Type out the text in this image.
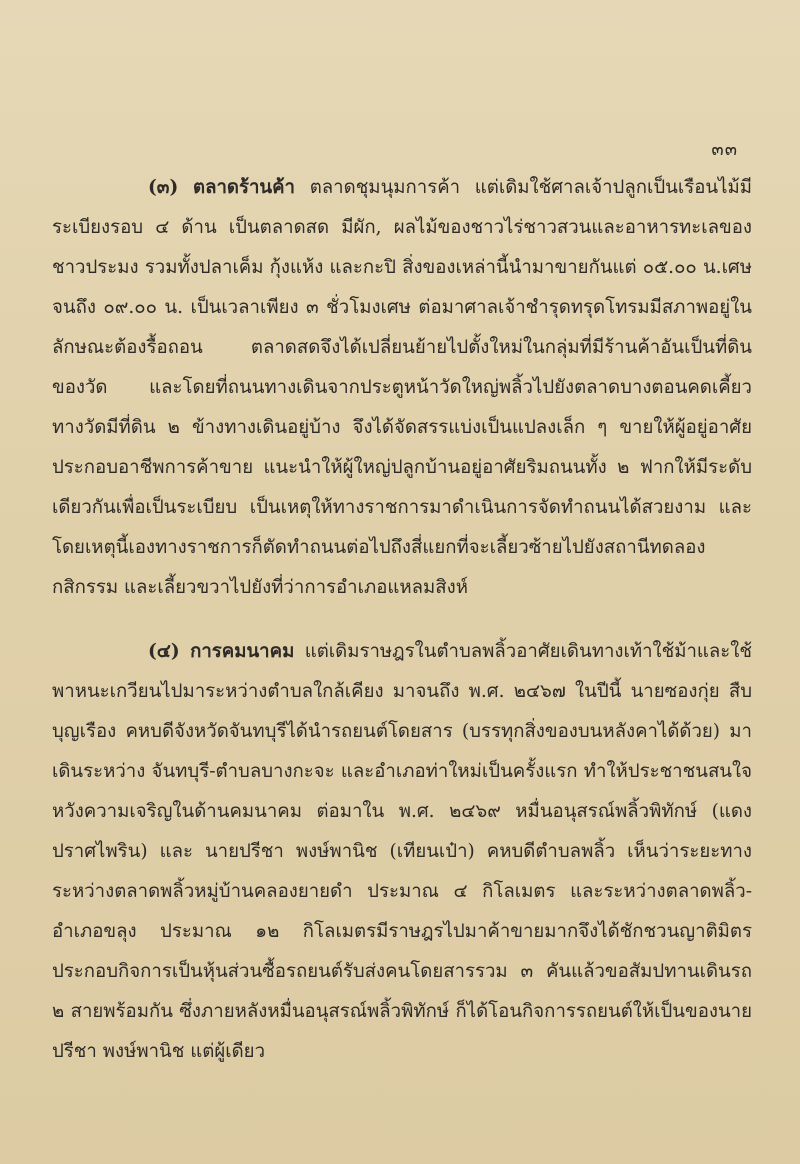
๓๓

(๓) ตลาดร้านค้า ตลาดชุมนุมการค้า แต่เดิมใช้ศาลเจ้าปลูกเป็นเรือนไม้มีระเบียงรอบ ๔ ด้าน เป็นตลาดสด มีผัก, ผลไม้ของชาวไร่ชาวสวนและอาหารทะเลของชาวประมง รวมทั้งปลาเค็ม กุ้งแห้ง และกะปิ สิ่งของเหล่านี้นำมาขายกันแต่ ๐๕.๐๐ น.เศษ จนถึง ๐๙.๐๐ น. เป็นเวลาเพียง ๓ ชั่วโมงเศษ ต่อมาศาลเจ้าชำรุดทรุดโทรมมีสภาพอยู่ในลักษณะต้องรื้อถอน ตลาดสดจึงได้เปลี่ยนย้ายไปตั้งใหม่ในกลุ่มที่มีร้านค้าอันเป็นที่ดินของวัด และโดยที่ถนนทางเดินจากประตูหน้าวัดใหญ่พลิ้วไปยังตลาดบางตอนคดเคี้ยว ทางวัดมีที่ดิน ๒ ข้างทางเดินอยู่บ้าง จึงได้จัดสรรแบ่งเป็นแปลงเล็ก ๆ ขายให้ผู้อยู่อาศัยประกอบอาชีพการค้าขาย แนะนำให้ผู้ใหญ่ปลูกบ้านอยู่อาศัยริมถนนทั้ง ๒ ฟากให้มีระดับเดียวกันเพื่อเป็นระเบียบ เป็นเหตุให้ทางราชการมาดำเนินการจัดทำถนนได้สวยงาม และโดยเหตุนี้เองทางราชการก็ตัดทำถนนต่อไปถึงสี่แยกที่จะเลี้ยวซ้ายไปยังสถานีทดลองกสิกรรม และเลี้ยวขวาไปยังที่ว่าการอำเภอแหลมสิงห์

(๔) การคมนาคม แต่เดิมราษฎรในตำบลพลิ้วอาศัยเดินทางเท้าใช้ม้าและใช้พาหนะเกวียนไปมาระหว่างตำบลใกล้เคียง มาจนถึง พ.ศ. ๒๔๖๗ ในปีนี้ นายซองกุ่ย สืบบุญเรือง คหบดีจังหวัดจันทบุรีได้นำรถยนต์โดยสาร (บรรทุกสิ่งของบนหลังคาได้ด้วย) มาเดินระหว่าง จันทบุรี-ตำบลบางกะจะ และอำเภอท่าใหม่เป็นครั้งแรก ทำให้ประชาชนสนใจหวังความเจริญในด้านคมนาคม ต่อมาใน พ.ศ. ๒๔๖๙ หมื่นอนุสรณ์พลิ้วพิทักษ์ (แดง ปราศไพริน) และ นายปรีชา พงษ์พานิช (เทียนเป๋า) คหบดีตำบลพลิ้ว เห็นว่าระยะทางระหว่างตลาดพลิ้วหมู่บ้านคลองยายดำ ประมาณ ๔ กิโลเมตร และระหว่างตลาดพลิ้ว-อำเภอขลุง ประมาณ ๑๒ กิโลเมตรมีราษฎรไปมาค้าขายมากจึงได้ชักชวนญาติมิตรประกอบกิจการเป็นหุ้นส่วนซื้อรถยนต์รับส่งคนโดยสารรวม ๓ คันแล้วขอสัมปทานเดินรถ ๒ สายพร้อมกัน ซึ่งภายหลังหมื่นอนุสรณ์พลิ้วพิทักษ์ ก็ได้โอนกิจการรถยนต์ให้เป็นของนายปรีชา พงษ์พานิช แต่ผู้เดียว
